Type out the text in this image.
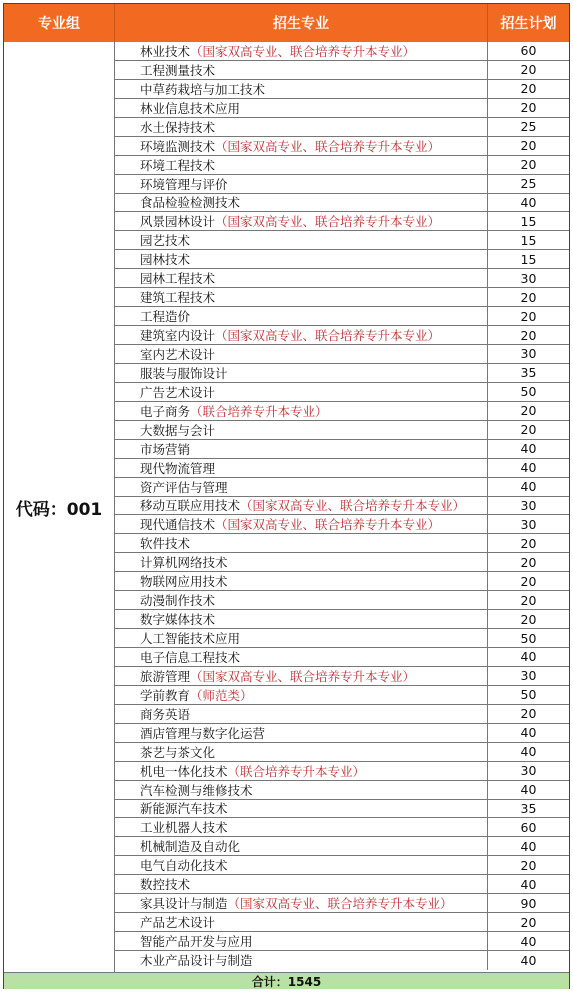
专业组	招生专业	招生计划
代码：001
林业技术 （国家双高专业、联合培养专升本专业）	60
工程测量技术	20
中草药栽培与加工技术	20
林业信息技术应用	20
水土保持技术	25
环境监测技术 （国家双高专业、联合培养专升本专业）	20
环境工程技术	20
环境管理与评价	25
食品检验检测技术	40
风景园林设计 （国家双高专业、联合培养专升本专业）	15
园艺技术	15
园林技术	15
园林工程技术	30
建筑工程技术	20
工程造价	20
建筑室内设计 （国家双高专业、联合培养专升本专业）	20
室内艺术设计	30
服装与服饰设计	35
广告艺术设计	50
电子商务 （联合培养专升本专业）	20
大数据与会计	20
市场营销	40
现代物流管理	40
资产评估与管理	40
移动互联应用技术 （国家双高专业、联合培养专升本专业）	30
现代通信技术 （国家双高专业、联合培养专升本专业）	30
软件技术	20
计算机网络技术	20
物联网应用技术	20
动漫制作技术	20
数字媒体技术	20
人工智能技术应用	50
电子信息工程技术	40
旅游管理 （国家双高专业、联合培养专升本专业）	30
学前教育 （师范类）	50
商务英语	20
酒店管理与数字化运营	40
茶艺与茶文化	40
机电一体化技术 （联合培养专升本专业）	30
汽车检测与维修技术	40
新能源汽车技术	35
工业机器人技术	60
机械制造及自动化	40
电气自动化技术	20
数控技术	40
家具设计与制造 （国家双高专业、联合培养专升本专业）	90
产品艺术设计	20
智能产品开发与应用	40
木业产品设计与制造	40
合计：1545
